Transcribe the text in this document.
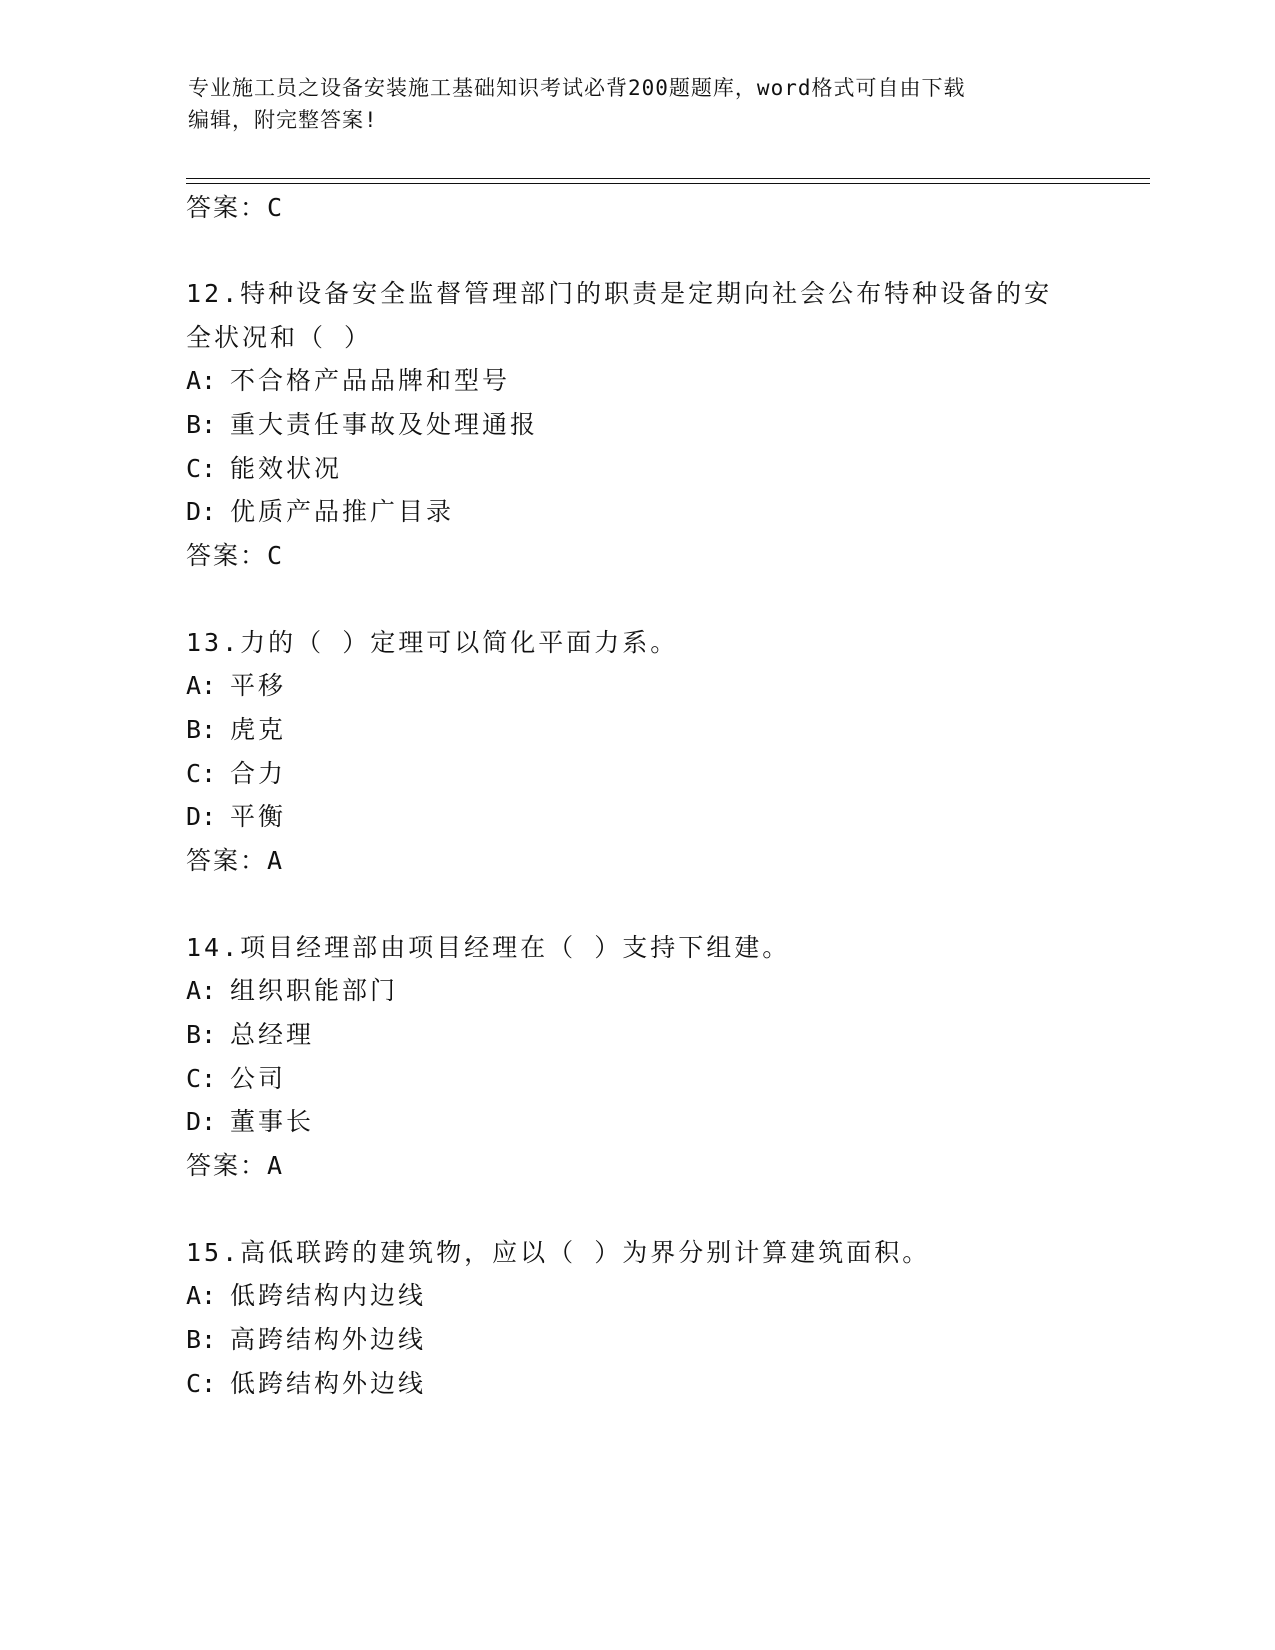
专业施工员之设备安装施工基础知识考试必背200题题库，word格式可自由下载
编辑，附完整答案!
答案：C
12.特种设备安全监督管理部门的职责是定期向社会公布特种设备的安
全状况和（ ）
A: 不合格产品品牌和型号
B: 重大责任事故及处理通报
C: 能效状况
D: 优质产品推广目录
答案：C
13.力的（ ）定理可以简化平面力系。
A: 平移
B: 虎克
C: 合力
D: 平衡
答案：A
14.项目经理部由项目经理在（ ）支持下组建。
A: 组织职能部门
B: 总经理
C: 公司
D: 董事长
答案：A
15.高低联跨的建筑物，应以（ ）为界分别计算建筑面积。
A: 低跨结构内边线
B: 高跨结构外边线
C: 低跨结构外边线
